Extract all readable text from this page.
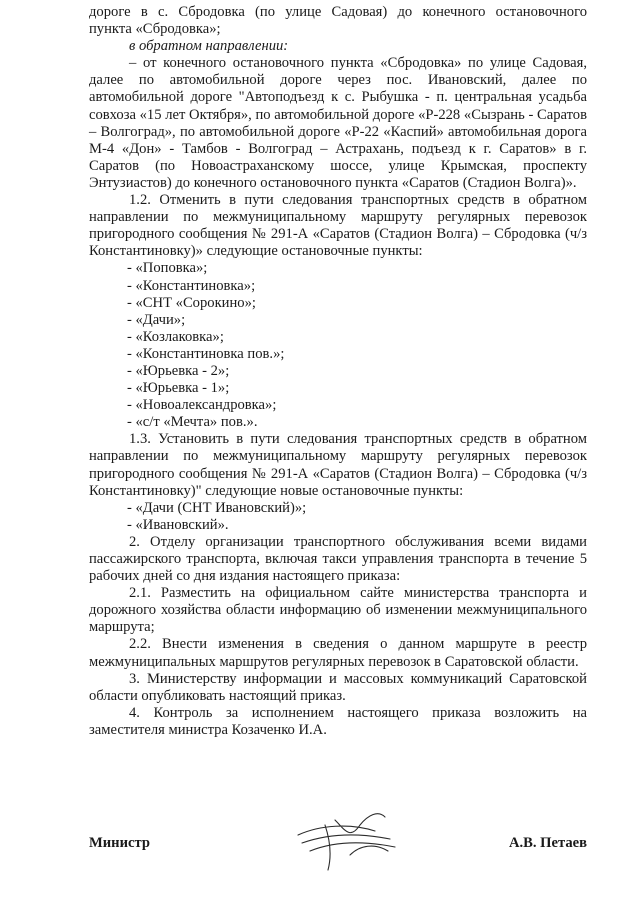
дороге в с. Сбродовка (по улице Садовая) до конечного остановочного

пункта «Сбродовка»;

в обратном направлении:

– от конечного остановочного пункта «Сбродовка» по улице Садовая, далее по автомобильной дороге через пос. Ивановский, далее по автомобильной дороге "Автоподъезд к с. Рыбушка - п. центральная усадьба совхоза «15 лет Октября», по автомобильной дороге «Р-228 «Сызрань - Саратов – Волгоград», по автомобильной дороге «Р-22 «Каспий» автомобильная дорога М-4 «Дон» - Тамбов - Волгоград – Астрахань, подъезд к г. Саратов» в г. Саратов (по Новоастраханскому шоссе, улице Крымская, проспекту Энтузиастов) до конечного остановочного пункта «Саратов (Стадион Волга)».

1.2. Отменить в пути следования транспортных средств в обратном направлении по межмуниципальному маршруту регулярных перевозок пригородного сообщения № 291-А «Саратов (Стадион Волга) – Сбродовка (ч/з Константиновку)» следующие остановочные пункты:

- «Поповка»;
- «Константиновка»;
- «СНТ «Сорокино»;
- «Дачи»;
- «Козлаковка»;
- «Константиновка пов.»;
- «Юрьевка - 2»;
- «Юрьевка - 1»;
- «Новоалександровка»;
- «с/т «Мечта» пов.».

1.3. Установить в пути следования транспортных средств в обратном направлении по межмуниципальному маршруту регулярных перевозок пригородного сообщения № 291-А «Саратов (Стадион Волга) – Сбродовка (ч/з Константиновку)" следующие новые остановочные пункты:

- «Дачи (СНТ Ивановский)»;
- «Ивановский».

2. Отделу организации транспортного обслуживания всеми видами пассажирского транспорта, включая такси управления транспорта в течение 5 рабочих дней со дня издания настоящего приказа:

2.1. Разместить на официальном сайте министерства транспорта и дорожного хозяйства области информацию об изменении межмуниципального маршрута;

2.2. Внести изменения в сведения о данном маршруте в реестр межмуниципальных маршрутов регулярных перевозок в Саратовской области.

3. Министерству информации и массовых коммуникаций Саратовской области опубликовать настоящий приказ.

4. Контроль за исполнением настоящего приказа возложить на заместителя министра Козаченко И.А.

Министр	А.В. Петаев
